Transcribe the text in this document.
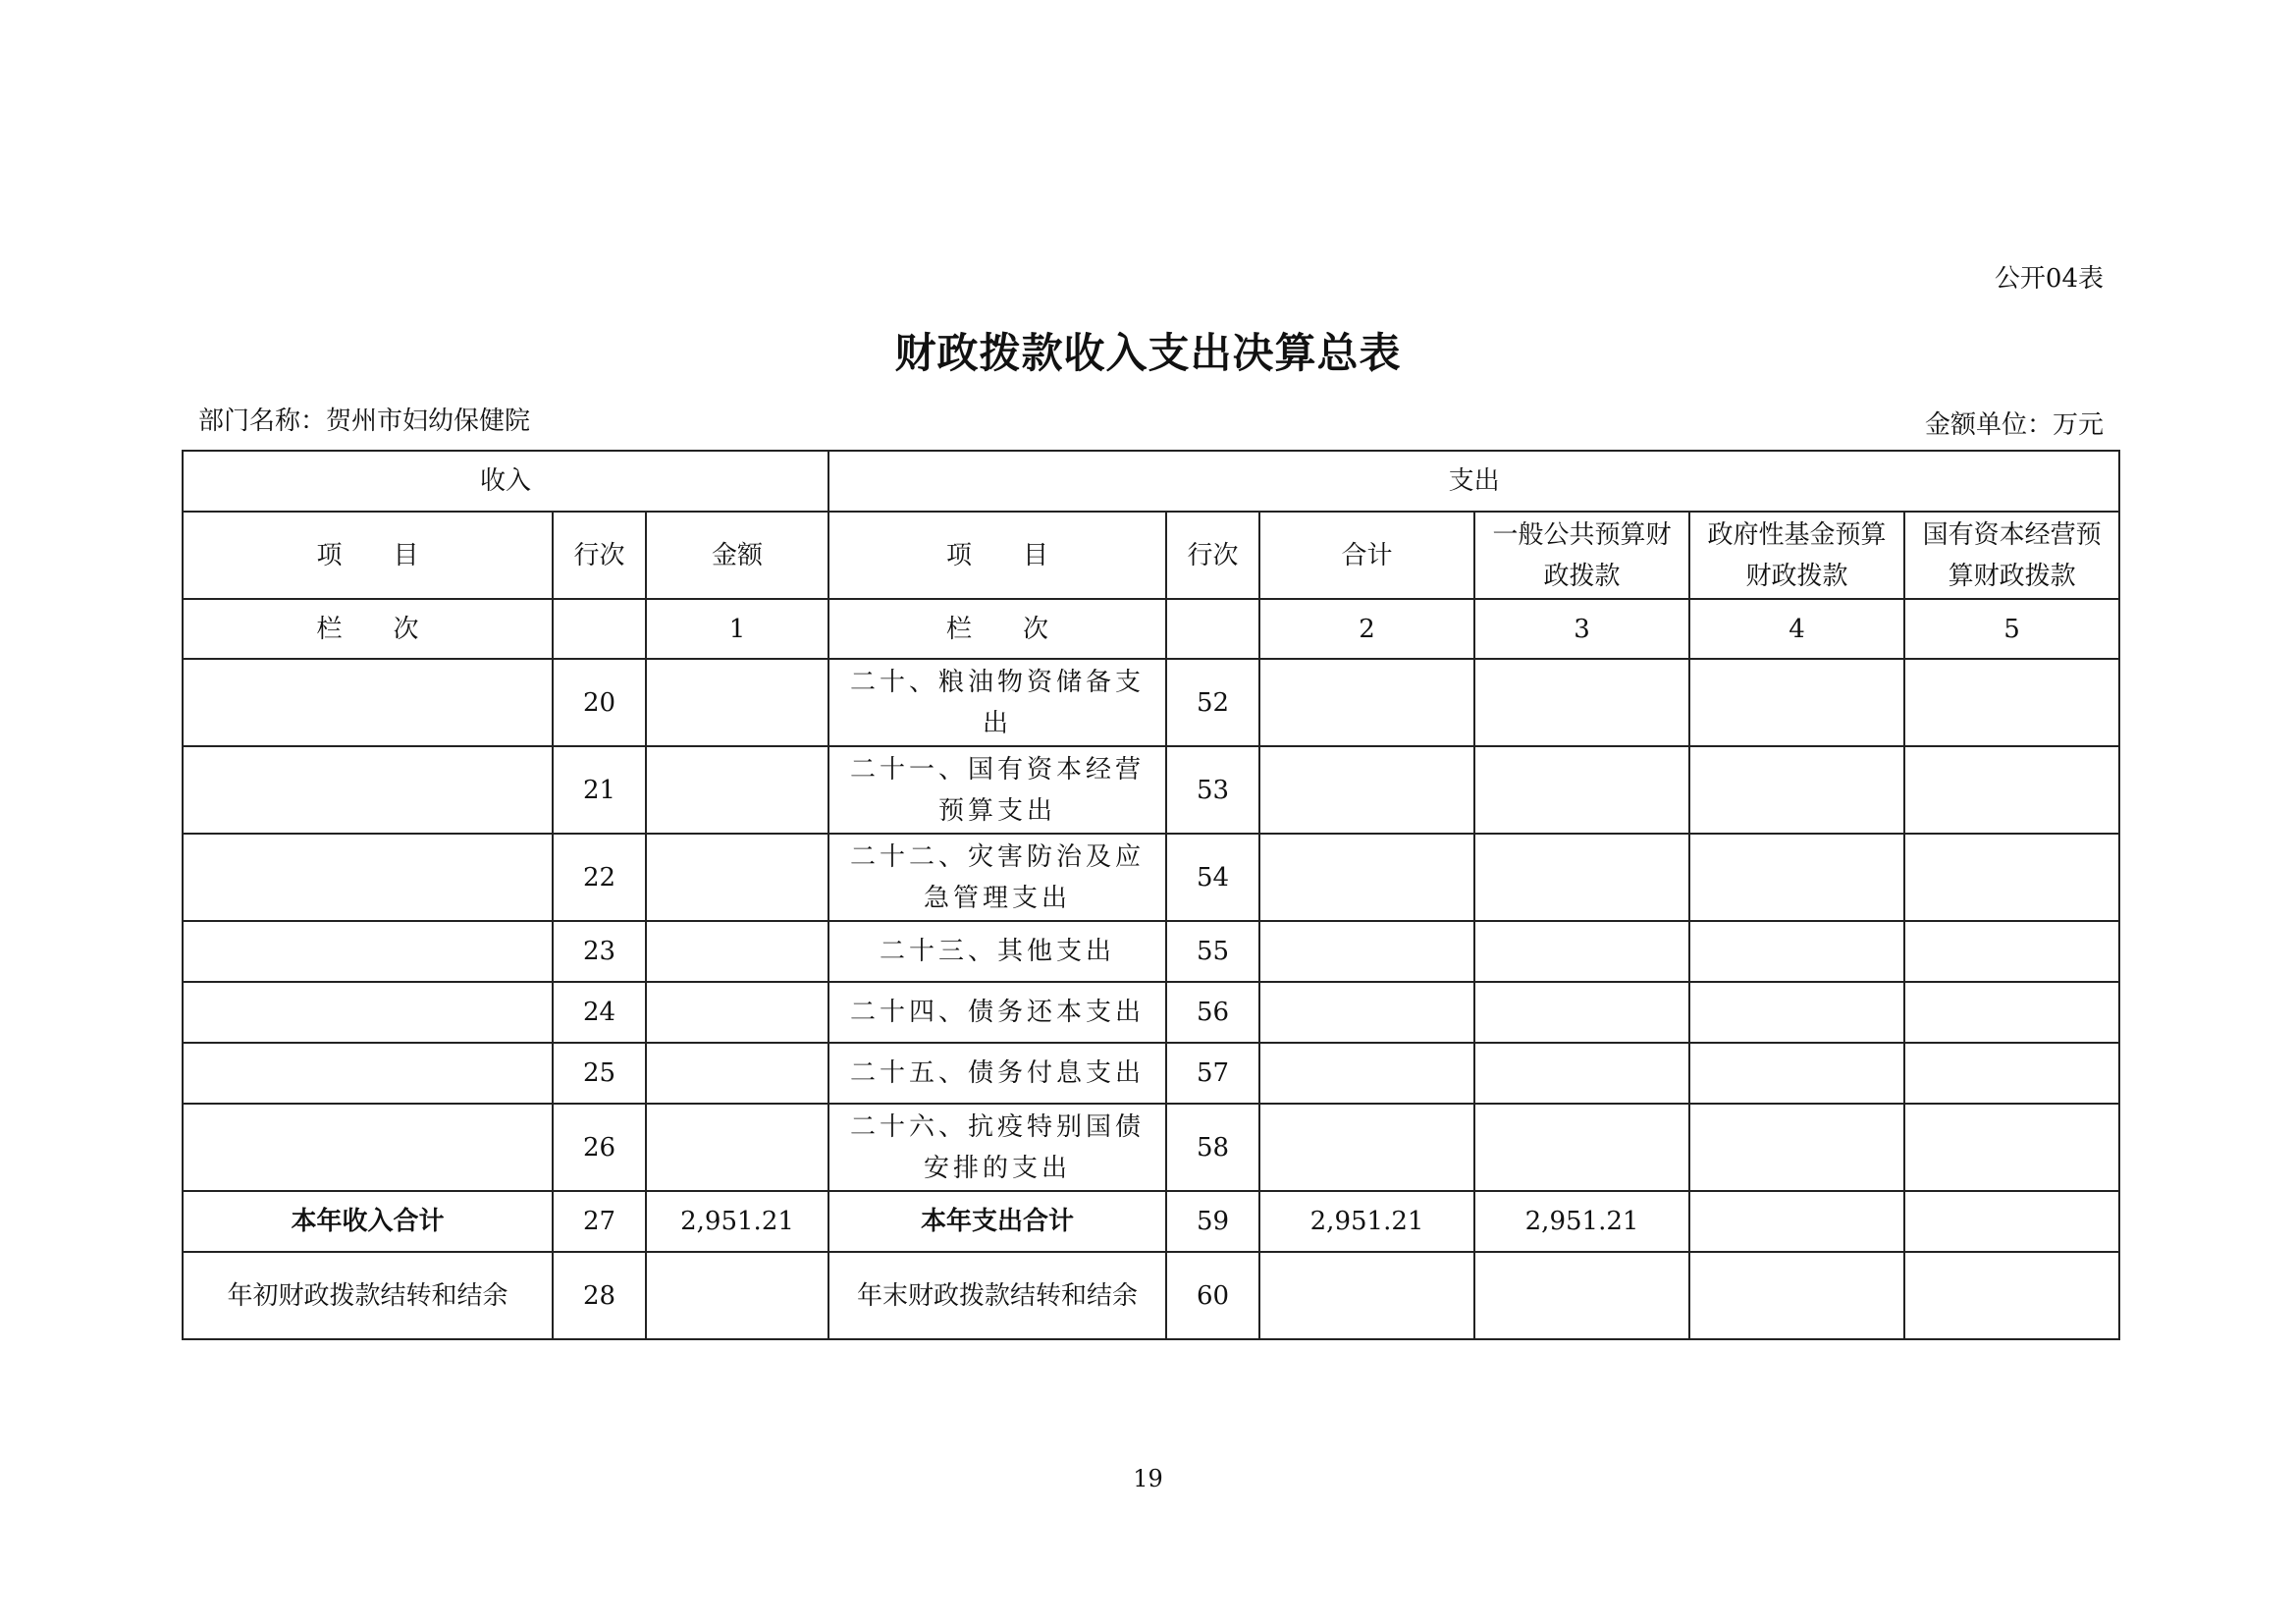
公开04表
财政拨款收入支出决算总表
部门名称：贺州市妇幼保健院	金额单位：万元
收入			支出					
项　　目	行次	金额	项　　目	行次	合计	一般公共预算财政拨款	政府性基金预算财政拨款	国有资本经营预算财政拨款
栏　　次		1	栏　　次		2	3	4	5
	20		二十、粮油物资储备支出	52				
	21		二十一、国有资本经营预算支出	53				
	22		二十二、灾害防治及应急管理支出	54				
	23		二十三、其他支出	55				
	24		二十四、债务还本支出	56				
	25		二十五、债务付息支出	57				
	26		二十六、抗疫特别国债安排的支出	58				
本年收入合计	27	2,951.21	本年支出合计	59	2,951.21	2,951.21		
年初财政拨款结转和结余	28		年末财政拨款结转和结余	60				
19
